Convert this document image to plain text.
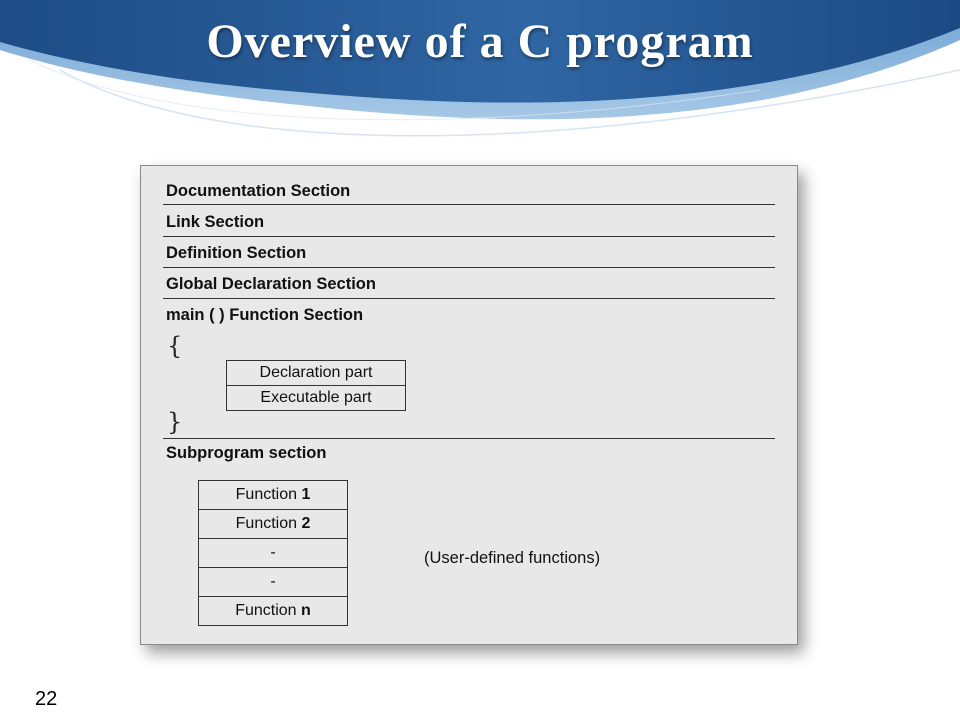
Overview of a C program
Documentation Section
Link Section
Definition Section
Global Declaration Section
main ( ) Function Section
{
Declaration part
Executable part
}
Subprogram section
Function 1
Function 2
-
-
Function n
(User-defined functions)
22
